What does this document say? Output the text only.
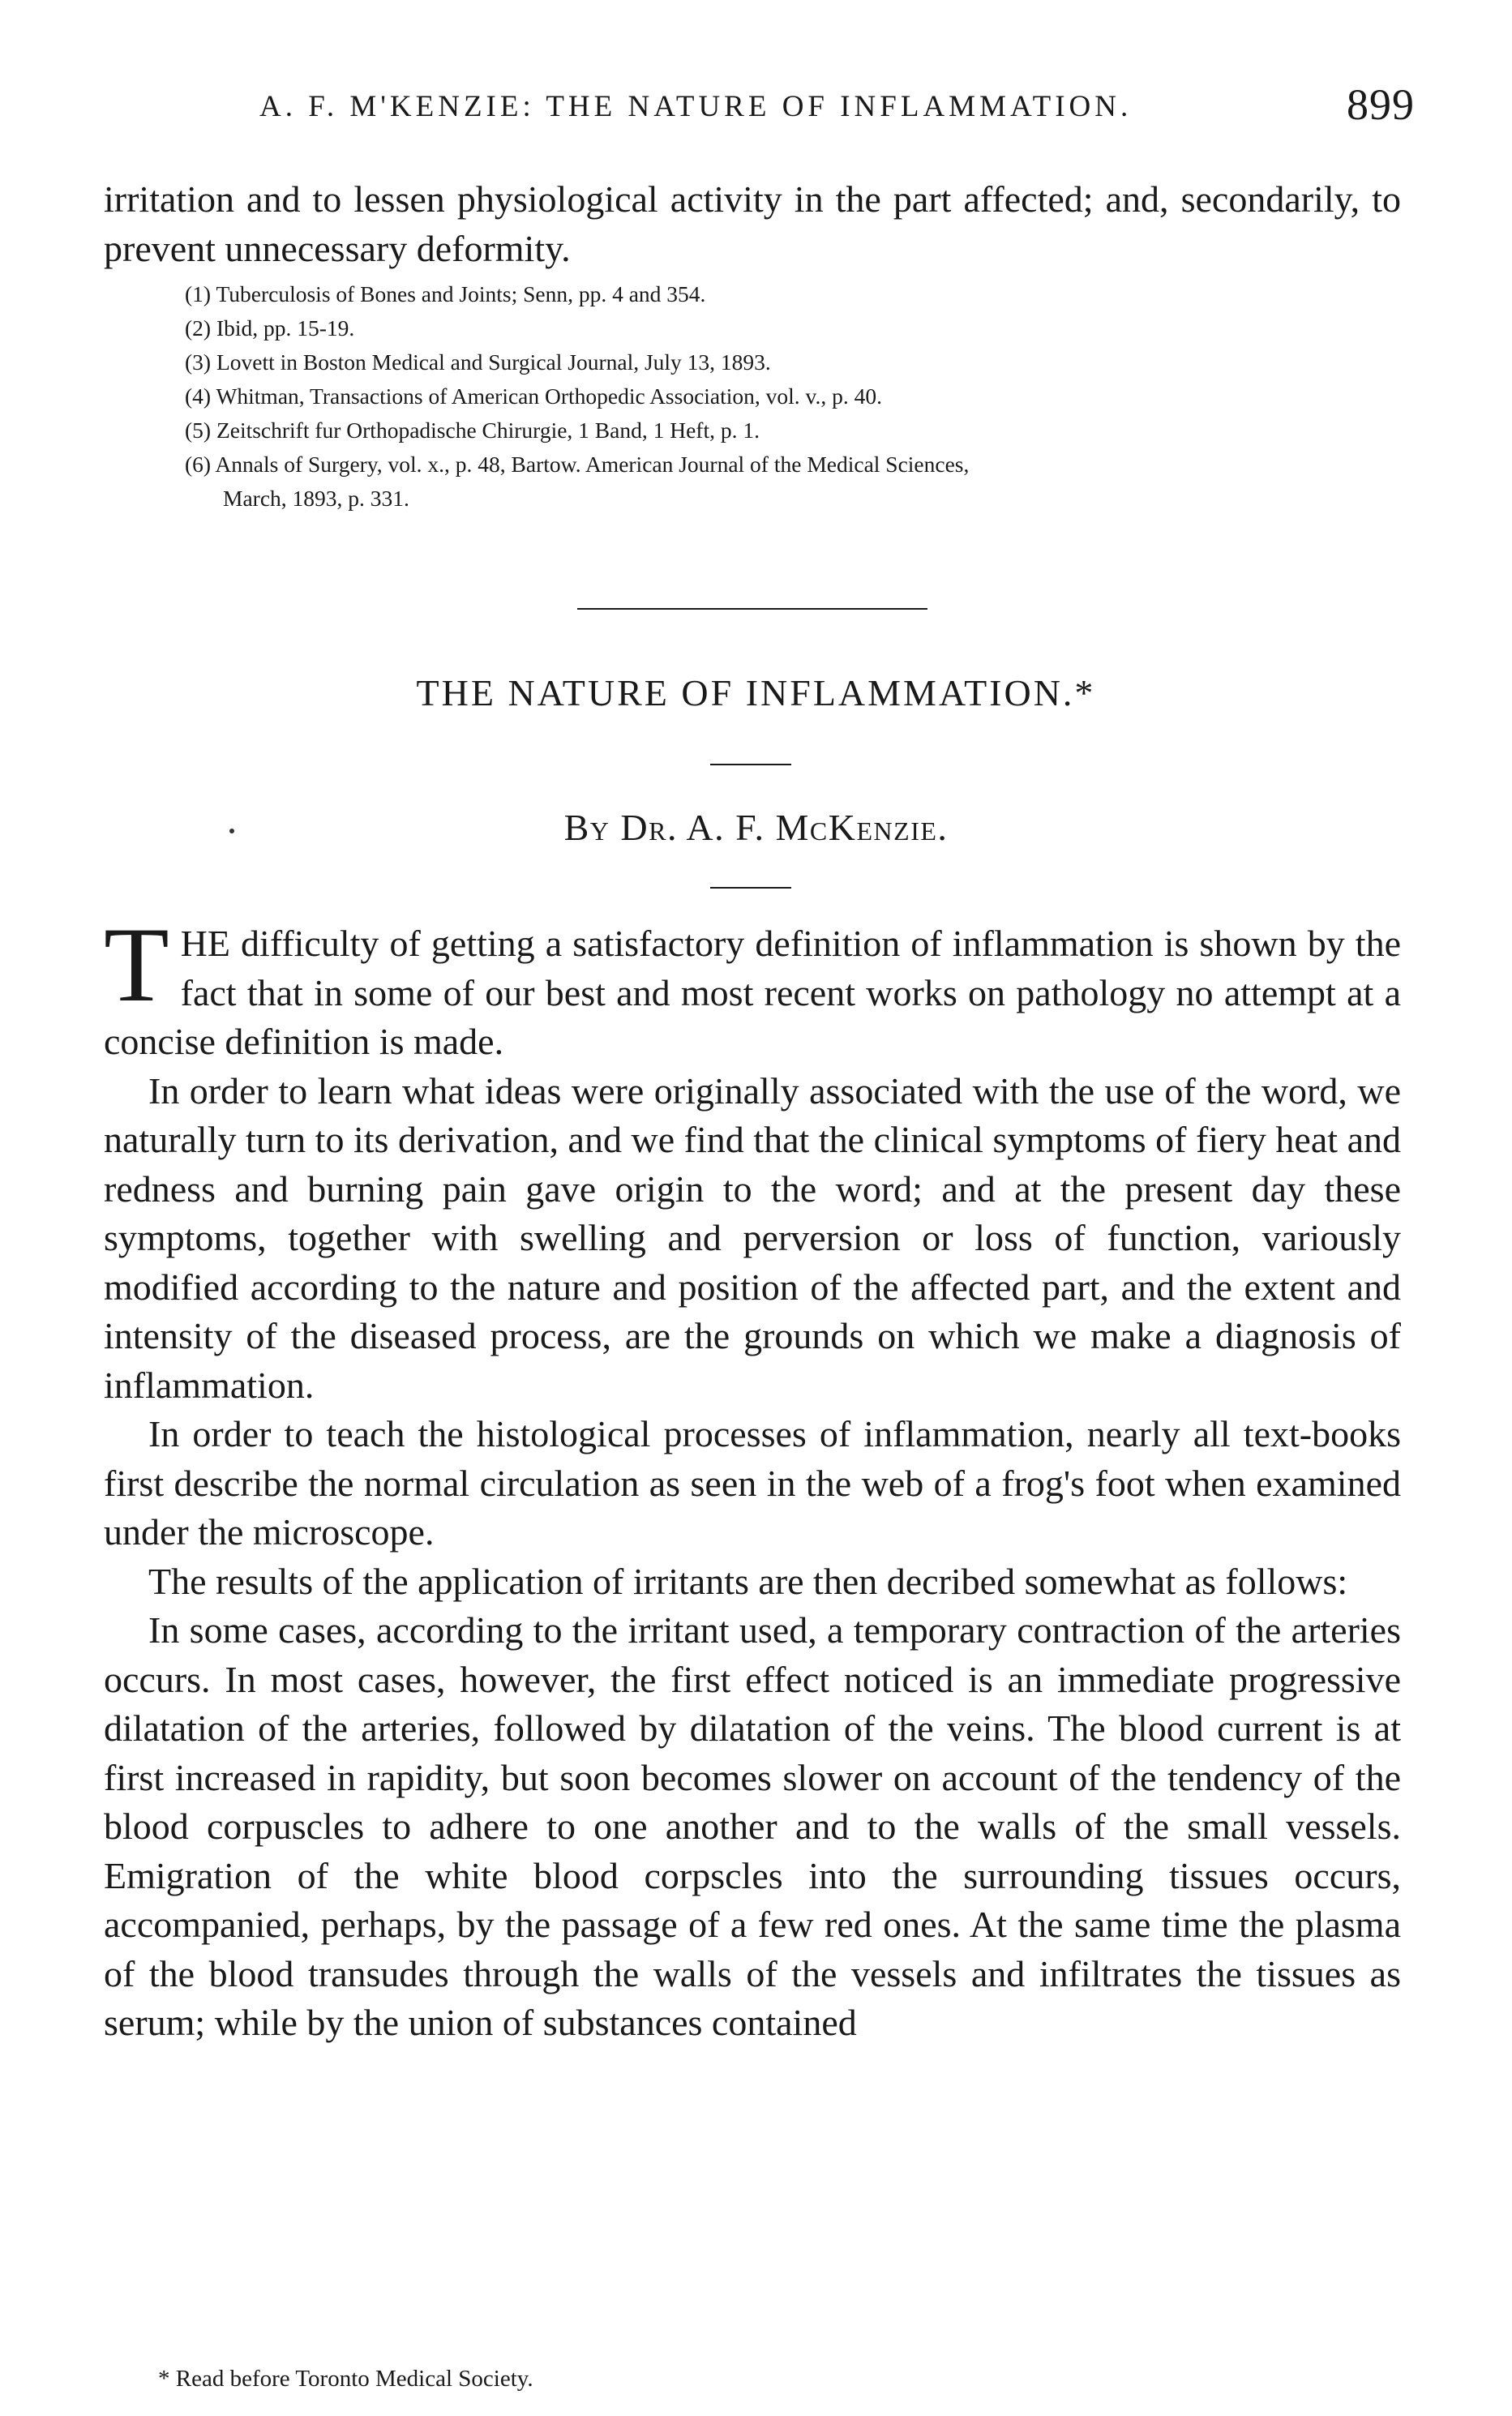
A. F. M'KENZIE: THE NATURE OF INFLAMMATION.	899

irritation and to lessen physiological activity in the part affected; and, secondarily, to prevent unnecessary deformity.

(1) Tuberculosis of Bones and Joints; Senn, pp. 4 and 354.
(2) Ibid, pp. 15-19.
(3) Lovett in Boston Medical and Surgical Journal, July 13, 1893.
(4) Whitman, Transactions of American Orthopedic Association, vol. v., p. 40.
(5) Zeitschrift fur Orthopadische Chirurgie, 1 Band, 1 Heft, p. 1.
(6) Annals of Surgery, vol. x., p. 48, Bartow. American Journal of the Medical Sciences,
March, 1893, p. 331.
THE NATURE OF INFLAMMATION.*
By Dr. A. F. McKenzie.

THE difficulty of getting a satisfactory definition of inflammation is shown by the fact that in some of our best and most recent works on pathology no attempt at a concise definition is made.

In order to learn what ideas were originally associated with the use of the word, we naturally turn to its derivation, and we find that the clinical symptoms of fiery heat and redness and burning pain gave origin to the word; and at the present day these symptoms, together with swelling and perversion or loss of function, variously modified according to the nature and position of the affected part, and the extent and intensity of the diseased process, are the grounds on which we make a diagnosis of inflammation.

In order to teach the histological processes of inflammation, nearly all text-books first describe the normal circulation as seen in the web of a frog's foot when examined under the microscope.

The results of the application of irritants are then decribed somewhat as follows:

In some cases, according to the irritant used, a temporary contraction of the arteries occurs. In most cases, however, the first effect noticed is an immediate progressive dilatation of the arteries, followed by dilatation of the veins. The blood current is at first increased in rapidity, but soon becomes slower on account of the tendency of the blood corpuscles to adhere to one another and to the walls of the small vessels. Emigration of the white blood corpscles into the surrounding tissues occurs, accompanied, perhaps, by the passage of a few red ones. At the same time the plasma of the blood transudes through the walls of the vessels and infiltrates the tissues as serum; while by the union of substances contained

* Read before Toronto Medical Society.
